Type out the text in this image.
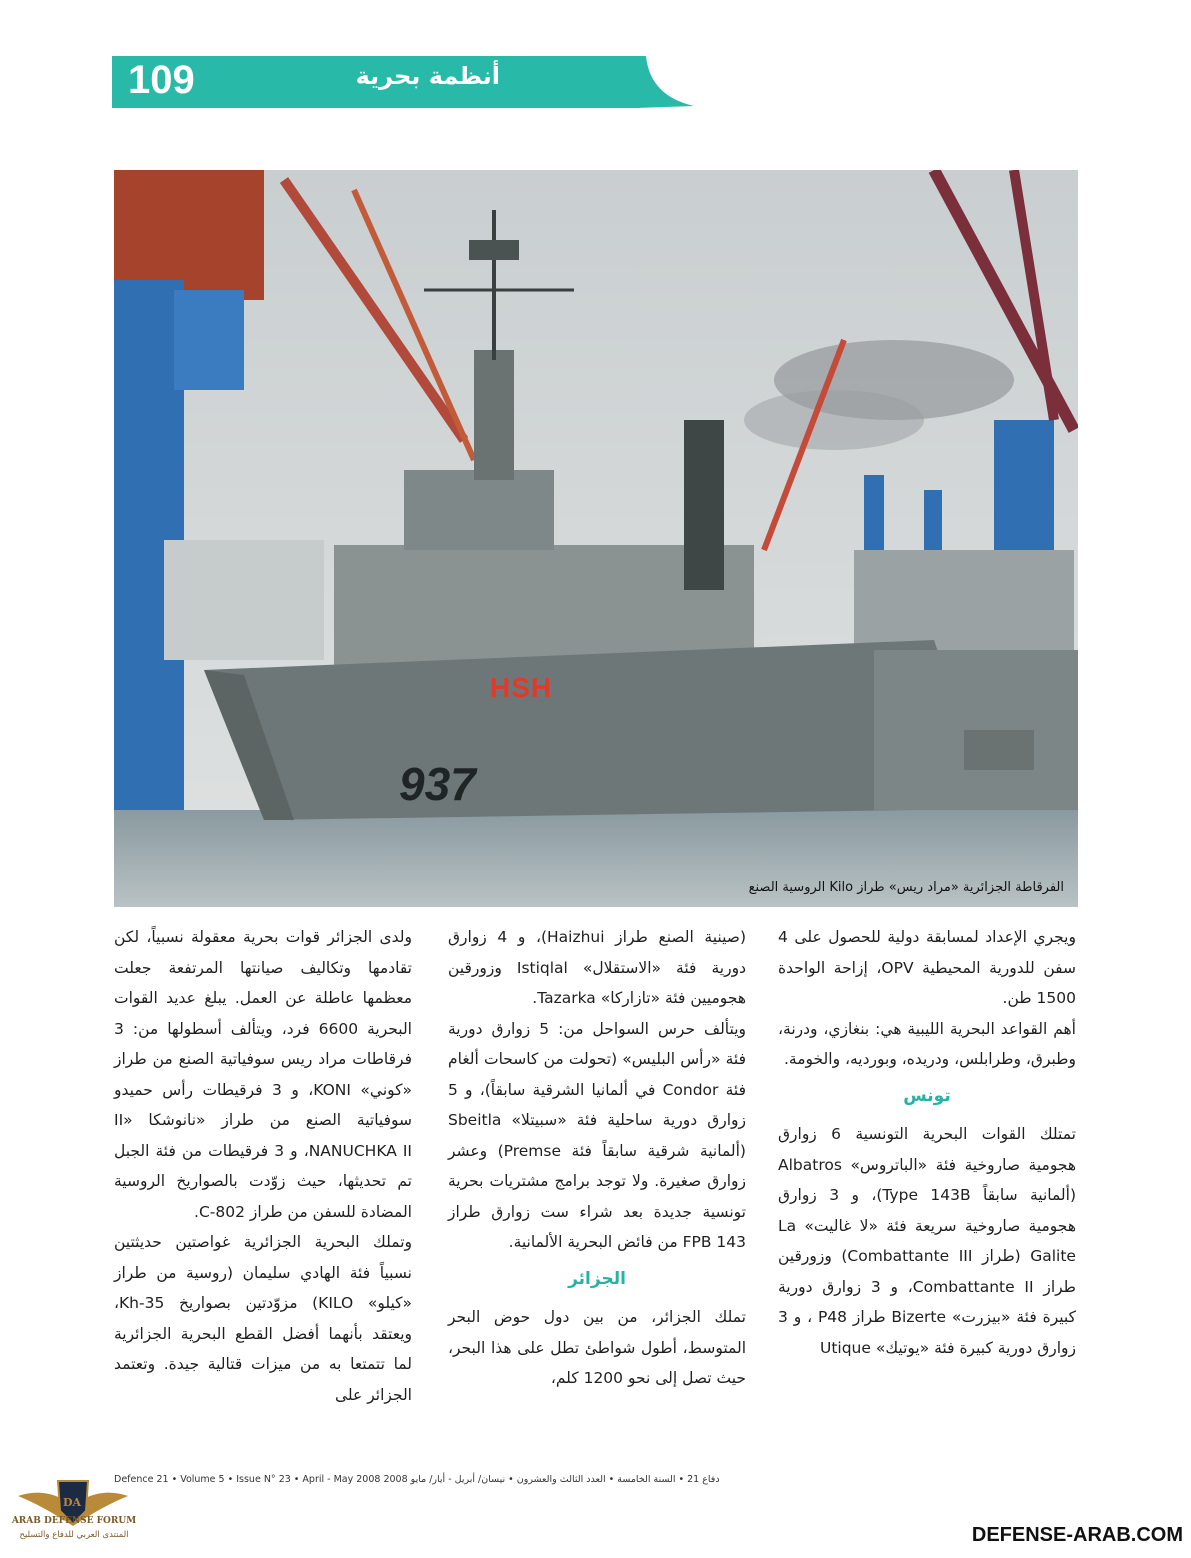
109	أنظمة بحرية
937
الفرقاطة الجزائرية «مراد ريس» طراز Kilo الروسية الصنع
HSH

ويجري الإعداد لمسابقة دولية للحصول على 4 سفن للدورية المحيطية OPV، إزاحة الواحدة 1500 طن.

أهم القواعد البحرية الليبية هي: بنغازي، ودرنة، وطبرق، وطرابلس، ودريده، وبورديه، والخومة.

تونس

تمتلك القوات البحرية التونسية 6 زوارق هجومية صاروخية فئة «الباتروس» Albatros (ألمانية سابقاً Type 143B)، و 3 زوارق هجومية صاروخية سريعة فئة «لا غاليت» La Galite (طراز Combattante III) وزورقين طراز Combattante II، و 3 زوارق دورية كبيرة فئة «بيزرت» Bizerte طراز P48 ، و 3 زوارق دورية كبيرة فئة «يوتيك» Utique

(صينية الصنع طراز Haizhui)، و 4 زوارق دورية فئة «الاستقلال» Istiqlal وزورقين هجوميين فئة «تازاركا» Tazarka.

ويتألف حرس السواحل من: 5 زوارق دورية فئة «رأس البليس» (تحولت من كاسحات ألغام فئة Condor في ألمانيا الشرقية سابقاً)، و 5 زوارق دورية ساحلية فئة «سبيتلا» Sbeitla (ألمانية شرقية سابقاً فئة Premse) وعشر زوارق صغيرة. ولا توجد برامج مشتريات بحرية تونسية جديدة بعد شراء ست زوارق طراز 143 FPB من فائض البحرية الألمانية.

الجزائر

تملك الجزائر، من بين دول حوض البحر المتوسط، أطول شواطئ تطل على هذا البحر، حيث تصل إلى نحو 1200 كلم،

ولدى الجزائر قوات بحرية معقولة نسبياً، لكن تقادمها وتكاليف صيانتها المرتفعة جعلت معظمها عاطلة عن العمل. يبلغ عديد القوات البحرية 6600 فرد، ويتألف أسطولها من: 3 فرقاطات مراد ريس سوفياتية الصنع من طراز «كوني» KONI، و 3 فرقيطات رأس حميدو سوفياتية الصنع من طراز «نانوشكا II» NANUCHKA II، و 3 فرقيطات من فئة الجبل تم تحديثها، حيث زوّدت بالصواريخ الروسية المضادة للسفن من طراز C-802.

وتملك البحرية الجزائرية غواصتين حديثتين نسبياً فئة الهادي سليمان (روسية من طراز «كيلو» KILO) مزوّدتين بصواريخ Kh-35، ويعتقد بأنهما أفضل القطع البحرية الجزائرية لما تتمتعا به من ميزات قتالية جيدة. وتعتمد الجزائر على

Defence 21 • Volume 5 • Issue N° 23 • April - May 2008 دفاع 21 • السنة الخامسة • العدد الثالث والعشرون • نيسان/ أبريل - أيار/ مايو 2008
DA
ARAB DEFENSE FORUM
المنتدى العربي للدفاع والتسليح	DEFENSE-ARAB.COM
